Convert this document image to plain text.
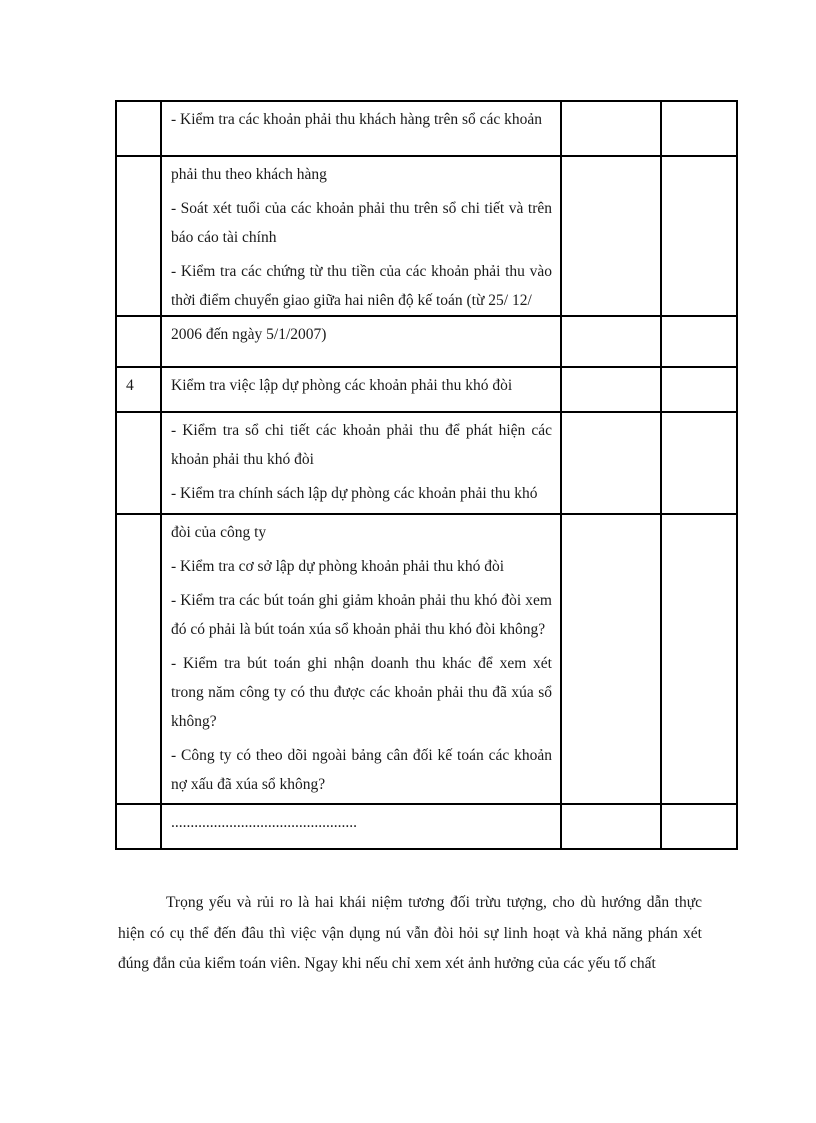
	- Kiểm tra các khoản phải thu khách hàng trên sổ các khoản		

	phải thu theo khách hàng

- Soát xét tuổi của các khoản phải thu trên sổ chi tiết và trên báo cáo tài chính

- Kiểm tra các chứng từ thu tiền của các khoản phải thu vào thời điểm chuyển giao giữa hai niên độ kế toán (từ 25/ 12/		

	2006 đến ngày 5/1/2007)		

4	Kiểm tra việc lập dự phòng các khoản phải thu khó đòi		

	- Kiểm tra sổ chi tiết các khoản phải thu để phát hiện các khoản phải thu khó đòi

- Kiểm tra chính sách lập dự phòng các khoản phải thu khó		

	đòi của công ty

- Kiểm tra cơ sở lập dự phòng khoản phải thu khó đòi

- Kiểm tra các bút toán ghi giảm khoản phải thu khó đòi xem đó có phải là bút toán xúa sổ khoản phải thu khó đòi không?

- Kiểm tra bút toán ghi nhận doanh thu khác để xem xét trong năm công ty có thu được các khoản phải thu đã xúa sổ không?

- Công ty có theo dõi ngoài bảng cân đối kế toán các khoản nợ xấu đã xúa sổ không?		

	................................................		

Trọng yếu và rủi ro là hai khái niệm tương đối trừu tượng, cho dù hướng dẫn thực hiện có cụ thể đến đâu thì việc vận dụng nú vẫn đòi hỏi sự linh hoạt và khả năng phán xét đúng đắn của kiểm toán viên. Ngay khi nếu chỉ xem xét ảnh hưởng của các yếu tố chất
